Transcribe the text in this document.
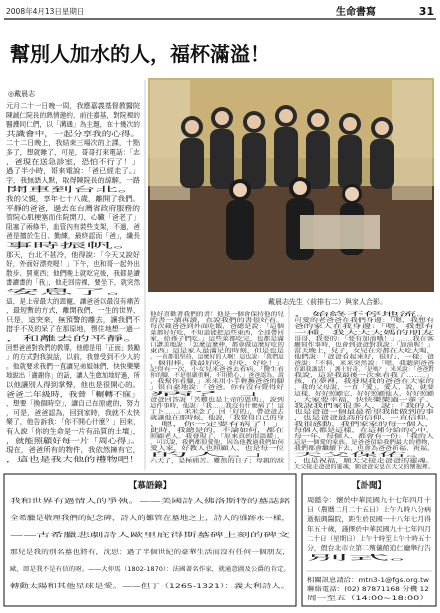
2008年4月13日星期日	生命書寫	31
幫別人加水的人，福杯滿溢！
◎戴晨志
元月二十一日晚一周，我應嘉義基督教醫院
陳誠仁院長的熱情邀約，前往嘉基，對院裡的
醫護同仁們，以「溝通」為主題，在十幾次的
共識會中，一起分享我的心得。
二十二日晚上，我結束三場次的上課，十點
多了，想就睡了，可是，哥哥打來電話：「志
，爸現在送急診室，恐怕不行了！」
過了半小時，哥來電說：「爸已經走了。」
字，我無語人默，取得陳院長的諒解，一路
開車到台北。
我的父親，享年七十八歲，離開了我們。
平靜的爸爸，過去在台灣省政府服務的
管院心肌梗塞而住院開刀，心臟「爸老了」
阻塞了兩條半，血管內有裝些支架，不過，爸
爸是擅於生日、勤練，最終認而「爸」，纖長
事時振帆。
那天，台北不甚冷，他得說：「今天又說好
好，外面好漂亮喔！」下午，也和哥一起外出
散步、買東西；他們晚上就吃完後，我都是讀
書讀書的「我」，他走回房裡，要坐下，就突然
安息了。
這，是上帝最大的恩寵，讓爸爸以最沒有痛苦
，最短暫的方式，離開我們，一生的世界，
只是，這突來，無預警的離去，讓我們不
措手不及的呆了在那原地，愣住地想一過一
，和離去的平靜。
回想爸爸對我們的教導，他總是用「正面」鼓勵
」的方式對我說話，以前，我曾受到不少人的
。他就要求我們一直讓兄弟姐妹們，快快樂樂
地說出「謝謝你」的話，讓人生愈加地好過，所
以他讓別人得到掌聲，他也是很開心的。
爸爸二年級時，我曾「輾轉不寐」
，想要「換個時空」，讓自己在原處的，努力
，可是，爸爸認為，回到家時，我就不太快
樂了，他告訴我：「你不開心什麼？」回來，
有人說「你的生命是一片有品質的土壤」，
，就能照顧好每一片「周心得」。
現在，爸爸所有的物件，我依然擁有它，
，這也是我大他的禮物吧！
戴晨志先生（前排右二）與家人合影。
他好喜歡著我們的書！他是一個會保持他的兒
的書一讀再讀，直說我們的書很好看。
每次載爸爸到外面吃飯，爸總是說：「這個
菜都好好吃，不知道能把這些東西，全部帶回
家，給孫子們吃。」這些菜都吃完，也都是滿
口讚美地說：「怎麼這麼棒，都會做這麼好吃的
東西」這是家人最滿足的時刻，但是也是
，一直都很堅持，這麼好的人啊！這也說：「我們這
，個很棒，我最好吃，好吃，好吃！」
記得有一次，小女兒米爸爸去看病，「醫生看
你的腳，不是很嚴重啊，不用擔心，」爸爸認為，說
，我幫你看腳，」米米用小手輕撫爸爸的腳
」很自豪地說：「爸爸，你有沒有覺得好
病？」
爸爸回答說「苦難也是上帝的恩典」，說到
這件事時，他說：「我……我沒有什麼病了！這
丁卜……」米米念了，回「好的」，帶爸爸去
就讓他在那時候，他說，「我覺得自己的身
，嗯，你一定要有病了！」
此時，我總是的，不論如何，都在
照顧老人。我發現了，「原來真的很溫暖」，
，可以說，我們都很愛他，因為他教過我們如何
愛人家，好教人也照顧人，也是每一位
的人。」
六天了，是極痛苦、難熬的日子；母親的淚
，始終不停地流。
可愛的老爸爸在我們身邊：「嗯，我想有
爸的家人在我身邊：「嗯，我想有
一種，我大大大媽的朋友
哥哥，我要的：「要有加油哦！」……我在客
廳寫作事時，也會到爸爸對我說：「加油喔！」
當天晚上，兒子，女兒在旁都在大吃大喝，
他們說：「爸爸看起來好，很好」，一樣；爸
爸說：「不料，米米突然說：「嗯，我聽到爸爸
在跟我講話！」護士好奇，「是嗎？」米米說：「爸爸對
我說，這是我最後一次來看我了……。」
孩，在夢裡，我發現我的爸爸在大家的
，我的父母說，一直「愛」，愛人，說，就要
這樣，好好照顧它，好好照顧他人，好好照顧
，大家要幸福，快快樂樂過一輩子。
我說我們家很多人，說：「我的人
也是爸爸一個最最希望我能做到的事
，也是爸爸最高的信仰、一直信仰。
我很感動，我們家家的每一個人，
每個人都是這樣，在這種分給的心中，
每一年、每個人、都會有一份：「我的人
這是一個愛的家族，是爸爸留給我們最大的禮物，
我們都會繼續下去，也會為爸爸祈福、祝福，
天父保佑。
，也是祝福，願天父接走爸爸的靈魂。
天父接走爸爸的靈魂，願爸爸安息在天父的懷抱裡。
【慕語錄】
我和世界有過情人的爭執。——美國詩人佛洛斯特的墓誌銘
全希臘是敬理我們的紀念碑，詩人的難管在墓地之上，詩人的盛跡永一樣，
——古希臘悲劇詩人歐里庇得斯墓碑上刻的碑文
那兒是我的別名墓也將有，沈思：過了半個世紀的豪華生活而沒有任何一個朋友，
歐，即是我不是有信的呀。——大仲馬（1802-1870）：法國著名作家，就通意圖及公爵的肯定。
轉動太陽和其他星球是愛。——但丁（1265-1321）：義大利詩人。
【訃聞】
周懿令：懷於中華民國九十七年四月十
日（農曆二月二十五日）上午九時八分病
逝振興醫院，距生於民國一十八年七月得
年五十歲，謹擇於中華民國九十七年四月
二十日（星期日）上午十時至上午十時五十
分，假台北市立第二殯儀館追仁廳舉行告
別式。
相關訊息請洽：mtn3-1@fgs.org.tw
聯絡電話：(02) 87871168 分機 12
周一至五（14:00~18:00）
